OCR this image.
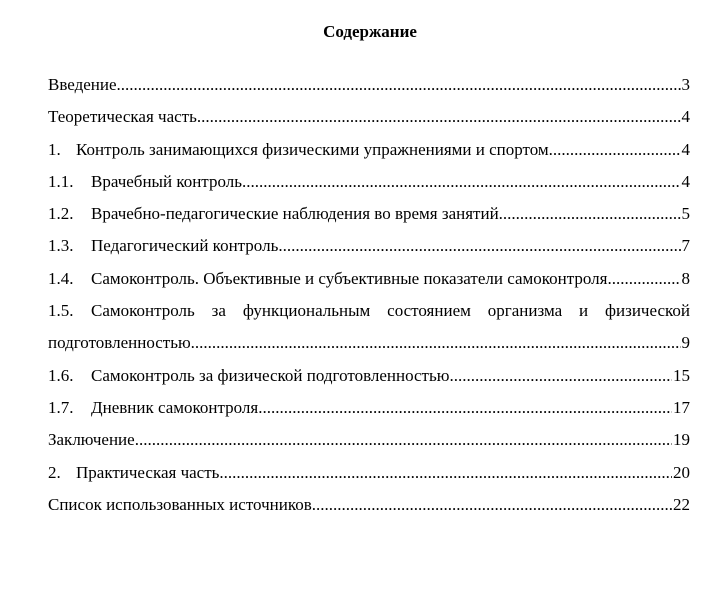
Содержание
Введение .....	3
Теоретическая часть .....	4
1. Контроль занимающихся физическими упражнениями и спортом .....	4
1.1.	Врачебный контроль .....	4
1.2.	Врачебно-педагогические наблюдения во время занятий .....	5
1.3.	Педагогический контроль .....	7
1.4.	Самоконтроль. Объективные и субъективные показатели самоконтроля .....	8
1.5.	Самоконтроль за функциональным состоянием организма и физической
подготовленностью .....	9
1.6.	Самоконтроль за физической подготовленностью .....	15
1.7.	Дневник самоконтроля .....	17
Заключение .....	19
2. Практическая часть .....	20
Список использованных источников .....	22
